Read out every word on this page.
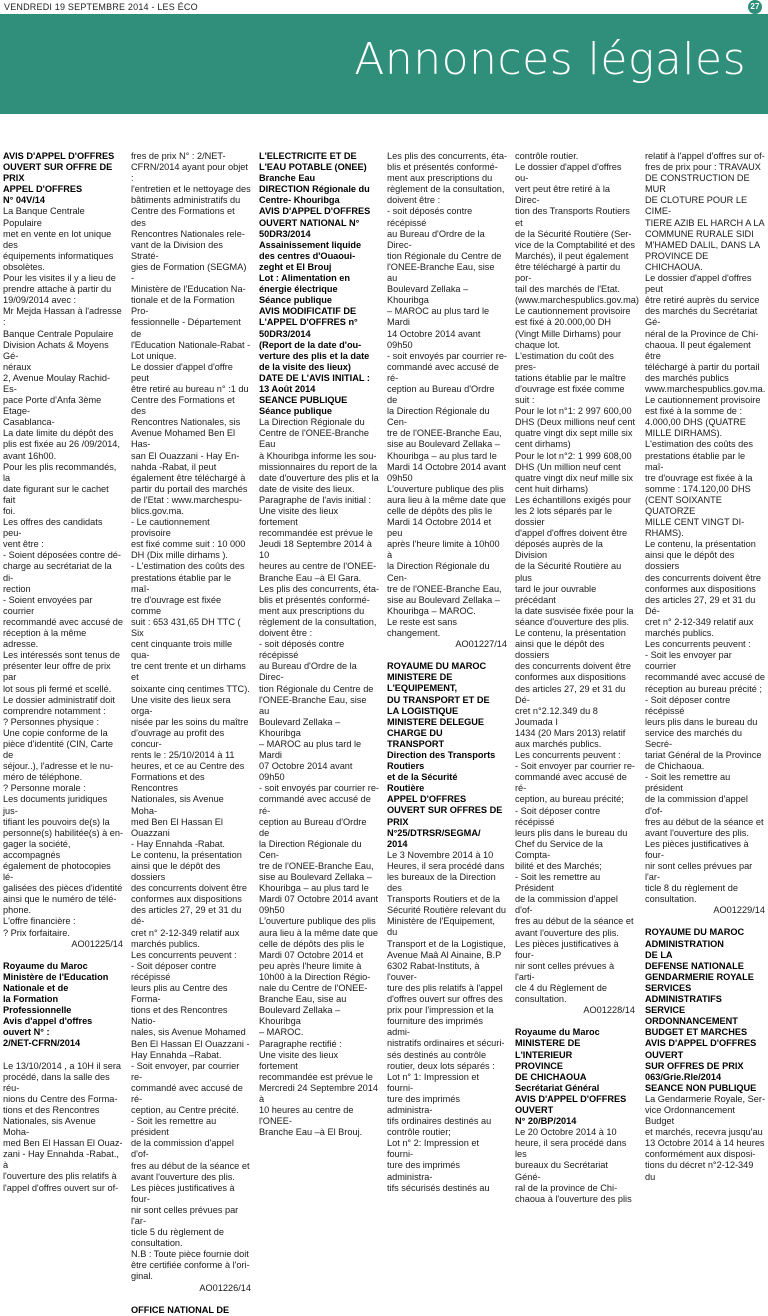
VENDREDI 19 SEPTEMBRE 2014 - LES ÉCO	27
Annonces légales

AVIS D'APPEL D'OFFRES
OUVERT SUR OFFRE DE
PRIX
APPEL D'OFFRES
N° 04V/14

La Banque Centrale Populaire
met en vente en lot unique des
équipements informatiques
obsolètes.
Pour les visites il y a lieu de
prendre attache à partir du
19/09/2014 avec :
Mr Mejda Hassan à l'adresse :
Banque Centrale Populaire
Division Achats & Moyens Gé-
néraux
2, Avenue Moulay Rachid-Es-
pace Porte d'Anfa 3ème Etage-
Casablanca-
La date limite du dépôt des
plis est fixée au 26 /09/2014,
avant 16h00.
Pour les plis recommandés, la
date figurant sur le cachet fait
foi.
Les offres des candidats peu-
vent être :
- Soient déposées contre dé-
charge au secrétariat de la di-
rection
- Soient envoyées par courrier
recommandé avec accusé de
réception à la même adresse.
Les intéressés sont tenus de
présenter leur offre de prix par
lot sous pli fermé et scellé.
Le dossier administratif doit
comprendre notamment :
? Personnes physique :
Une copie conforme de la
pièce d'identité (CIN, Carte de
séjour..), l'adresse et le nu-
méro de téléphone.
? Personne morale :
Les documents juridiques jus-
tifiant les pouvoirs de(s) la
personne(s) habilitée(s) à en-
gager la société, accompagnés
également de photocopies lé-
galisées des pièces d'identité
ainsi que le numéro de télé-
phone.
L'offre financière :
? Prix forfaitaire.

AO01225/14

Royaume du Maroc
Ministère de l'Education
Nationale et de
la Formation
Professionnelle
Avis d'appel d'offres
ouvert N° :
2/NET-CFRN/2014

Le 13/10/2014 , a 10H il sera
procédé, dans la salle des réu-
nions du Centre des Forma-
tions et des Rencontres
Nationales, sis Avenue Moha-
med Ben El Hassan El Ouaz-
zani - Hay Ennahda -Rabat., à
l'ouverture des plis relatifs à
l'appel d'offres ouvert sur of-

fres de prix N° : 2/NET-
CFRN/2014 ayant pour objet :
l'entretien et le nettoyage des
bâtiments administratifs du
Centre des Formations et des
Rencontres Nationales rele-
vant de la Division des Straté-
gies de Formation (SEGMA) -
Ministère de l'Education Na-
tionale et de la Formation Pro-
fessionnelle - Département de
l'Education Nationale-Rabat -
Lot unique.
Le dossier d'appel d'offre peut
être retiré au bureau n° :1 du
Centre des Formations et des
Rencontres Nationales, sis
Avenue Mohamed Ben El Has-
san El Ouazzani - Hay En-
nahda -Rabat, il peut
également être téléchargé à
partir du portail des marchés
de l'Etat : www.marchespu-
blics.gov.ma.
- Le cautionnement provisoire
est fixé comme suit : 10 000
DH (Dix mille dirhams ).
- L'estimation des coûts des
prestations établie par le maî-
tre d'ouvrage est fixée comme
suit : 653 431,65 DH TTC ( Six
cent cinquante trois mille qua-
tre cent trente et un dirhams et
soixante cinq centimes TTC).
Une visite des lieux sera orga-
nisée par les soins du maître
d'ouvrage au profit des concur-
rents le : 25/10/2014 à 11
heures, et ce au Centre des
Formations et des Rencontres
Nationales, sis Avenue Moha-
med Ben El Hassan El Ouazzani
- Hay Ennahda -Rabat.
Le contenu, la présentation
ainsi que le dépôt des dossiers
des concurrents doivent être
conformes aux dispositions
des articles 27, 29 et 31 du dé-
cret n° 2-12-349 relatif aux
marchés publics.
Les concurrents peuvent :
- Soit déposer contre récépissé
leurs plis au Centre des Forma-
tions et des Rencontres Natio-
nales, sis Avenue Mohamed
Ben El Hassan El Ouazzani -
Hay Ennahda –Rabat.
- Soit envoyer, par courrier re-
commandé avec accusé de ré-
ception, au Centre précité.
- Soit les remettre au président
de la commission d'appel d'of-
fres au début de la séance et
avant l'ouverture des plis.
Les pièces justificatives à four-
nir sont celles prévues par l'ar-
ticle 5 du règlement de
consultation.
N.B : Toute pièce fournie doit
être certifiée conforme à l'ori-
ginal.

AO01226/14

OFFICE NATIONAL DE

L'ELECTRICITE ET DE
L'EAU POTABLE (ONEE)
Branche Eau
DIRECTION Régionale du
Centre- Khouribga
AVIS D'APPEL D'OFFRES
OUVERT NATIONAL N°
50DR3/2014
Assainissement liquide
des centres d'Ouaoui-
zeght et El Brouj
Lot : Alimentation en
énergie électrique
Séance publique
AVIS MODIFICATIF DE
L'APPEL D'OFFRES n°
50DR3/2014
(Report de la date d'ou-
verture des plis et la date
de la visite des lieux)
DATE DE L'AVIS INITIAL :
13 Août 2014
SEANCE PUBLIQUE
Séance publique

La Direction Régionale du
Centre de l'ONEE-Branche Eau
à Khouribga informe les sou-
missionnaires du report de la
date d'ouverture des plis et la
date de visite des lieux.
Paragraphe de l'avis initial :
Une visite des lieux fortement
recommandée est prévue le
Jeudi 18 Septembre 2014 à 10
heures au centre de l'ONEE-
Branche Eau –à El Gara.
Les plis des concurrents, éta-
blis et présentés conformé-
ment aux prescriptions du
règlement de la consultation,
doivent être :
- soit déposés contre récépissé
au Bureau d'Ordre de la Direc-
tion Régionale du Centre de
l'ONEE-Branche Eau, sise au
Boulevard Zellaka – Khouribga
– MAROC au plus tard le Mardi
07 Octobre 2014 avant
09h50
- soit envoyés par courrier re-
commandé avec accusé de ré-
ception au Bureau d'Ordre de
la Direction Régionale du Cen-
tre de l'ONEE-Branche Eau,
sise au Boulevard Zellaka –
Khouribga – au plus tard le
Mardi 07 Octobre 2014 avant
09h50
L'ouverture publique des plis
aura lieu à la même date que
celle de dépôts des plis le
Mardi 07 Octobre 2014 et
peu après l'heure limite à
10h00 à la Direction Régio-
nale du Centre de l'ONEE-
Branche Eau, sise au
Boulevard Zellaka – Khouribga
– MAROC.
Paragraphe rectifié :
Une visite des lieux fortement
recommandée est prévue le
Mercredi 24 Septembre 2014 à
10 heures au centre de l'ONEE-
Branche Eau –à El Brouj.

Les plis des concurrents, éta-
blis et présentés conformé-
ment aux prescriptions du
règlement de la consultation,
doivent être :
- soit déposés contre récépissé
au Bureau d'Ordre de la Direc-
tion Régionale du Centre de
l'ONEE-Branche Eau, sise au
Boulevard Zellaka – Khouribga
– MAROC au plus tard le Mardi
14 Octobre 2014 avant
09h50
- soit envoyés par courrier re-
commandé avec accusé de ré-
ception au Bureau d'Ordre de
la Direction Régionale du Cen-
tre de l'ONEE-Branche Eau,
sise au Boulevard Zellaka –
Khouribga – au plus tard le
Mardi 14 Octobre 2014 avant
09h50
L'ouverture publique des plis
aura lieu à la même date que
celle de dépôts des plis le
Mardi 14 Octobre 2014 et peu
après l'heure limite à 10h00 à
la Direction Régionale du Cen-
tre de l'ONEE-Branche Eau,
sise au Boulevard Zellaka –
Khouribga – MAROC.
Le reste est sans changement.

AO01227/14

ROYAUME DU MAROC
MINISTERE DE
L'EQUIPEMENT,
DU TRANSPORT ET DE
LA LOGISTIQUE
MINISTERE DELEGUE
CHARGE DU
TRANSPORT
Direction des Transports
Routiers
et de la Sécurité
Routière
APPEL D'OFFRES
OUVERT SUR OFFRES DE
PRIX
N°25/DTRSR/SEGMA/
2014

Le 3 Novembre 2014 à 10
Heures, il sera procédé dans
les bureaux de la Direction des
Transports Routiers et de la
Sécurité Routière relevant du
Ministère de l'Equipement, du
Transport et de la Logistique,
Avenue Maâ Al Ainaine, B.P
6302 Rabat-Instituts, à l'ouver-
ture des plis relatifs à l'appel
d'offres ouvert sur offres des
prix pour l'impression et la
fourniture des imprimés admi-
nistratifs ordinaires et sécuri-
sés destinés au contrôle
routier, deux lots séparés :
Lot n° 1: Impression et fourni-
ture des imprimés administra-
tifs ordinaires destinés au
contrôle routier;
Lot n° 2: Impression et fourni-
ture des imprimés administra-
tifs sécurisés destinés au

contrôle routier.
Le dossier d'appel d'offres ou-
vert peut être retiré à la Direc-
tion des Transports Routiers et
de la Sécurité Routière (Ser-
vice de la Comptabilité et des
Marchés), il peut également
être téléchargé à partir du por-
tail des marchés de l'Etat.
(www.marchespublics.gov.ma)
Le cautionnement provisoire
est fixé à 20.000,00 DH
(Vingt Mille Dirhams) pour
chaque lot.
L'estimation du coût des pres-
tations établie par le maître
d'ouvrage est fixée comme
suit :
Pour le lot n°1: 2 997 600,00
DHS (Deux millions neuf cent
quatre vingt dix sept mille six
cent dirhams)
Pour le lot n°2: 1 999 608,00
DHS (Un million neuf cent
quatre vingt dix neuf mille six
cent huit dirhams)
Les échantillons exigés pour
les 2 lots séparés par le dossier
d'appel d'offres doivent être
déposés auprès de la Division
de la Sécurité Routière au plus
tard le jour ouvrable précédant
la date susvisée fixée pour la
séance d'ouverture des plis.
Le contenu, la présentation
ainsi que le dépôt des dossiers
des concurrents doivent être
conformes aux dispositions
des articles 27, 29 et 31 du Dé-
cret n°2.12.349 du 8 Joumada I
1434 (20 Mars 2013) relatif
aux marchés publics.
Les concurrents peuvent :
- Soit envoyer par courrier re-
commandé avec accusé de ré-
ception, au bureau précité;
- Soit déposer contre récépissé
leurs plis dans le bureau du
Chef du Service de la Compta-
bilité et des Marchés;
- Soit les remettre au Président
de la commission d'appel d'of-
fres au début de la séance et
avant l'ouverture des plis.
Les pièces justificatives à four-
nir sont celles prévues à l'arti-
cle 4 du Règlement de
consultation.

AO01228/14

Royaume du Maroc
MINISTERE DE
L'INTERIEUR
PROVINCE
DE CHICHAOUA
Secrétariat Général
AVIS D'APPEL D'OFFRES
OUVERT
N° 20/BP/2014

Le 20 Octobre 2014 à 10
heure, il sera procédé dans les
bureaux du Secrétariat Géné-
ral de la province de Chi-
chaoua à l'ouverture des plis

relatif à l'appel d'offres sur of-
fres de prix pour : TRAVAUX
DE CONSTRUCTION DE MUR
DE CLOTURE POUR LE CIME-
TIERE AZIB EL HARCH A LA
COMMUNE RURALE SIDI
M'HAMED DALIL, DANS LA
PROVINCE DE CHICHAOUA.
Le dossier d'appel d'offres peut
être retiré auprès du service
des marchés du Secrétariat Gé-
néral de la Province de Chi-
chaoua. Il peut également être
téléchargé à partir du portail
des marchés publics
www.marchespublics.gov.ma.
Le cautionnement provisoire
est fixé à la somme de :
4.000,00 DHS (QUATRE
MILLE DIRHAMS).
L'estimation des coûts des
prestations établie par le maî-
tre d'ouvrage est fixée à la
somme : 174.120,00 DHS
(CENT SOIXANTE QUATORZE
MILLE CENT VINGT DI-
RHAMS).
Le contenu, la présentation
ainsi que le dépôt des dossiers
des concurrents doivent être
conformes aux dispositions
des articles 27, 29 et 31 du Dé-
cret n° 2-12-349 relatif aux
marchés publics.
Les concurrents peuvent :
- Soit les envoyer par courrier
recommandé avec accusé de
réception au bureau précité ;
- Soit déposer contre récépissé
leurs plis dans le bureau du
service des marchés du Secré-
tariat Général de la Province
de Chichaoua.
- Soit les remettre au président
de la commission d'appel d'of-
fres au début de la séance et
avant l'ouverture des plis.
Les pièces justificatives à four-
nir sont celles prévues par l'ar-
ticle 8 du règlement de
consultation.

AO01229/14

ROYAUME DU MAROC
ADMINISTRATION
DE LA
DEFENSE NATIONALE
GENDARMERIE ROYALE
SERVICES
ADMINISTRATIFS
SERVICE
ORDONNANCEMENT
BUDGET ET MARCHES
AVIS D'APPEL D'OFFRES
OUVERT
SUR OFFRES DE PRIX
063/Grie.Rle/2014
SEANCE NON PUBLIQUE

La Gendarmerie Royale, Ser-
vice Ordonnancement Budget
et marchés, recevra jusqu'au
13 Octobre 2014 à 14 heures
conformément aux disposi-
tions du décret n°2-12-349 du
